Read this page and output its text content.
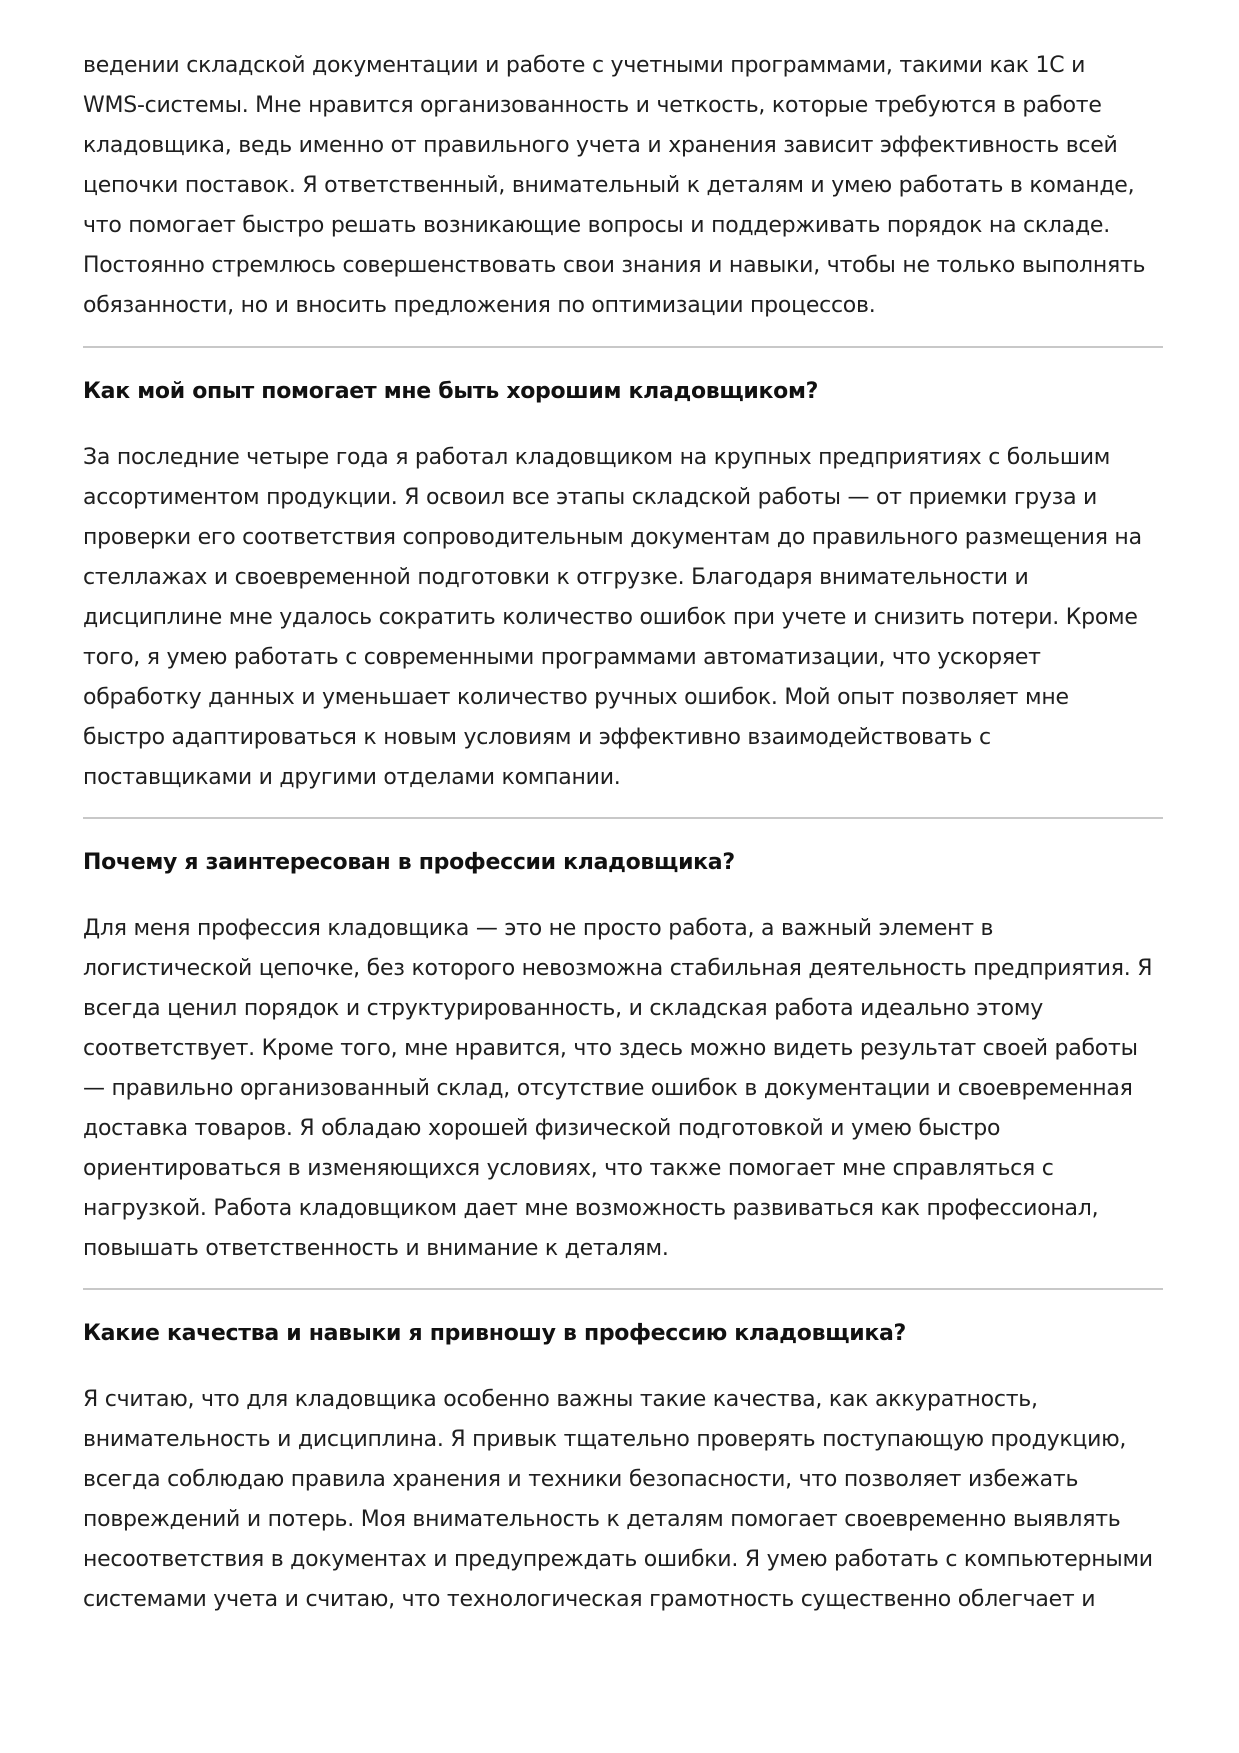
ведении складской документации и работе с учетными программами, такими как 1С и
WMS-системы. Мне нравится организованность и четкость, которые требуются в работе
кладовщика, ведь именно от правильного учета и хранения зависит эффективность всей
цепочки поставок. Я ответственный, внимательный к деталям и умею работать в команде,
что помогает быстро решать возникающие вопросы и поддерживать порядок на складе.
Постоянно стремлюсь совершенствовать свои знания и навыки, чтобы не только выполнять
обязанности, но и вносить предложения по оптимизации процессов.

Как мой опыт помогает мне быть хорошим кладовщиком?

За последние четыре года я работал кладовщиком на крупных предприятиях с большим
ассортиментом продукции. Я освоил все этапы складской работы — от приемки груза и
проверки его соответствия сопроводительным документам до правильного размещения на
стеллажах и своевременной подготовки к отгрузке. Благодаря внимательности и
дисциплине мне удалось сократить количество ошибок при учете и снизить потери. Кроме
того, я умею работать с современными программами автоматизации, что ускоряет
обработку данных и уменьшает количество ручных ошибок. Мой опыт позволяет мне
быстро адаптироваться к новым условиям и эффективно взаимодействовать с
поставщиками и другими отделами компании.

Почему я заинтересован в профессии кладовщика?

Для меня профессия кладовщика — это не просто работа, а важный элемент в
логистической цепочке, без которого невозможна стабильная деятельность предприятия. Я
всегда ценил порядок и структурированность, и складская работа идеально этому
соответствует. Кроме того, мне нравится, что здесь можно видеть результат своей работы
— правильно организованный склад, отсутствие ошибок в документации и своевременная
доставка товаров. Я обладаю хорошей физической подготовкой и умею быстро
ориентироваться в изменяющихся условиях, что также помогает мне справляться с
нагрузкой. Работа кладовщиком дает мне возможность развиваться как профессионал,
повышать ответственность и внимание к деталям.

Какие качества и навыки я привношу в профессию кладовщика?

Я считаю, что для кладовщика особенно важны такие качества, как аккуратность,
внимательность и дисциплина. Я привык тщательно проверять поступающую продукцию,
всегда соблюдаю правила хранения и техники безопасности, что позволяет избежать
повреждений и потерь. Моя внимательность к деталям помогает своевременно выявлять
несоответствия в документах и предупреждать ошибки. Я умею работать с компьютерными
системами учета и считаю, что технологическая грамотность существенно облегчает и
